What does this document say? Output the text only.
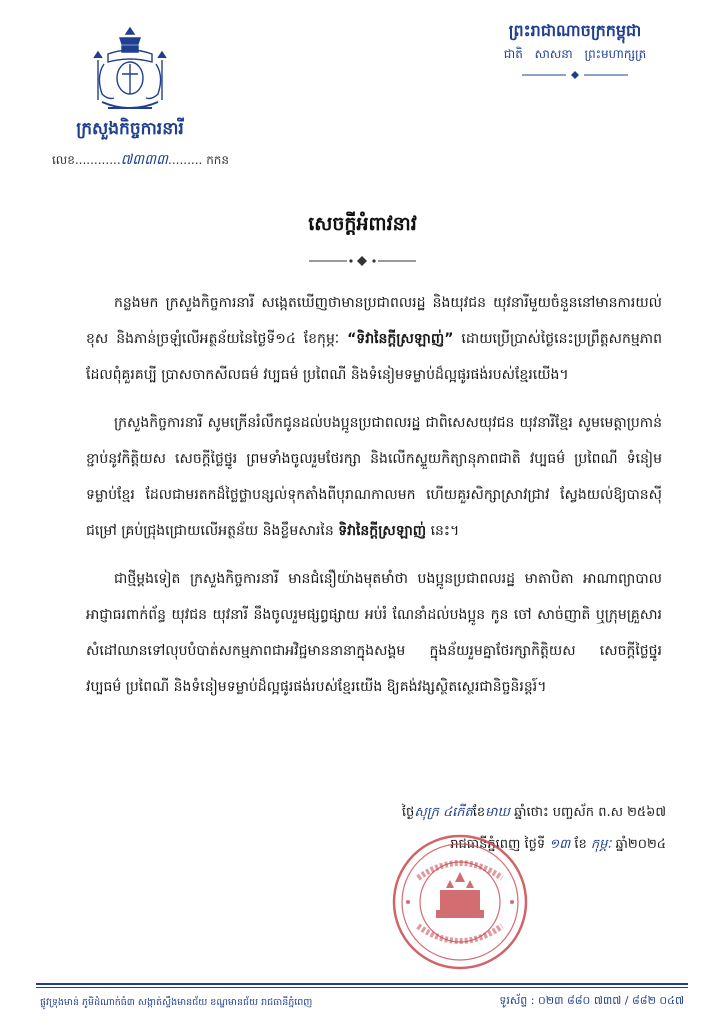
ក្រសួងកិច្ចការនារី
លេខ............៧៣៣៣......... កកន
ព្រះរាជាណាចក្រកម្ពុជា
ជាតិ សាសនា ព្រះមហាក្សត្រ
សេចក្តីអំពាវនាវ

កន្លងមក ក្រសួងកិច្ចការនារី សង្កេតឃើញថាមានប្រជាពលរដ្ឋ និងយុវជន យុវនារីមួយចំនួននៅមានការយល់ខុស និងភាន់ច្រឡំលើអត្ថន័យនៃថ្ងៃទី១៤ ខែកុម្ភៈ “ទិវានៃក្តីស្រឡាញ់” ដោយប្រើប្រាស់ថ្ងៃនេះប្រព្រឹត្តសកម្មភាពដែលពុំគួរគប្បី ប្រាសចាកសីលធម៌ វប្បធម៌ ប្រពៃណី និងទំនៀមទម្លាប់ដ៏ល្អផូរផង់របស់ខ្មែរយើង។

ក្រសួងកិច្ចការនារី សូមក្រើនរំលឹកជូនដល់បងប្អូនប្រជាពលរដ្ឋ ជាពិសេសយុវជន យុវនារីខ្មែរ សូមមេត្តាប្រកាន់ខ្ជាប់នូវកិត្តិយស សេចក្តីថ្លៃថ្នូរ ព្រមទាំងចូលរួមថែរក្សា និងលើកស្ទួយកិត្យានុភាពជាតិ វប្បធម៌ ប្រពៃណី ទំនៀមទម្លាប់ខ្មែរ ដែលជាមរតកដ៏ថ្លៃថ្លាបន្សល់ទុកតាំងពីបុរាណកាលមក ហើយគួរសិក្សាស្រាវជ្រាវ ស្វែងយល់ឱ្យបានស៊ីជម្រៅ គ្រប់ជ្រុងជ្រោយលើអត្ថន័យ និងខ្លឹមសារនៃ ទិវានៃក្តីស្រឡាញ់ នេះ។

ជាថ្មីម្តងទៀត ក្រសួងកិច្ចការនារី មានជំនឿយ៉ាងមុតមាំថា បងប្អូនប្រជាពលរដ្ឋ មាតាបិតា អាណាព្យាបាល អាជ្ញាធរពាក់ព័ន្ធ យុវជន យុវនារី នឹងចូលរួមផ្សព្វផ្សាយ អប់រំ ណែនាំដល់បងប្អូន កូន ចៅ សាច់ញាតិ ឬក្រុមគ្រួសារ សំដៅឈានទៅលុបបំបាត់សកម្មភាពជាអវិជ្ជមាននានាក្នុងសង្គម ក្នុងន័យរួមគ្នាថែរក្សាកិត្តិយស សេចក្តីថ្លៃថ្នូរ វប្បធម៌ ប្រពៃណី និងទំនៀមទម្លាប់ដ៏ល្អផូរផង់របស់ខ្មែរយើង ឱ្យគង់វង្សស្ថិតស្ថេរជានិច្ចនិរន្តរ៍។

ថ្ងៃសុក្រ ៤កើតខែមាឃ ឆ្នាំថោះ បញ្ចស័ក ព.ស ២៥៦៧
រាជធានីភ្នំពេញ ថ្ងៃទី ១៣ ខែ កុម្ភៈ ឆ្នាំ២០២៤
ផ្លូវទ្រុងមាន់ ភូមិដំណាក់ធំ៣ សង្កាត់ស្ទឹងមានជ័យ ខណ្ឌមានជ័យ រាជធានីភ្នំពេញ	ទូរស័ព្ទ : ០២៣ ៨៨០ ៧៣៧ / ៨៨២ ០៤៧
